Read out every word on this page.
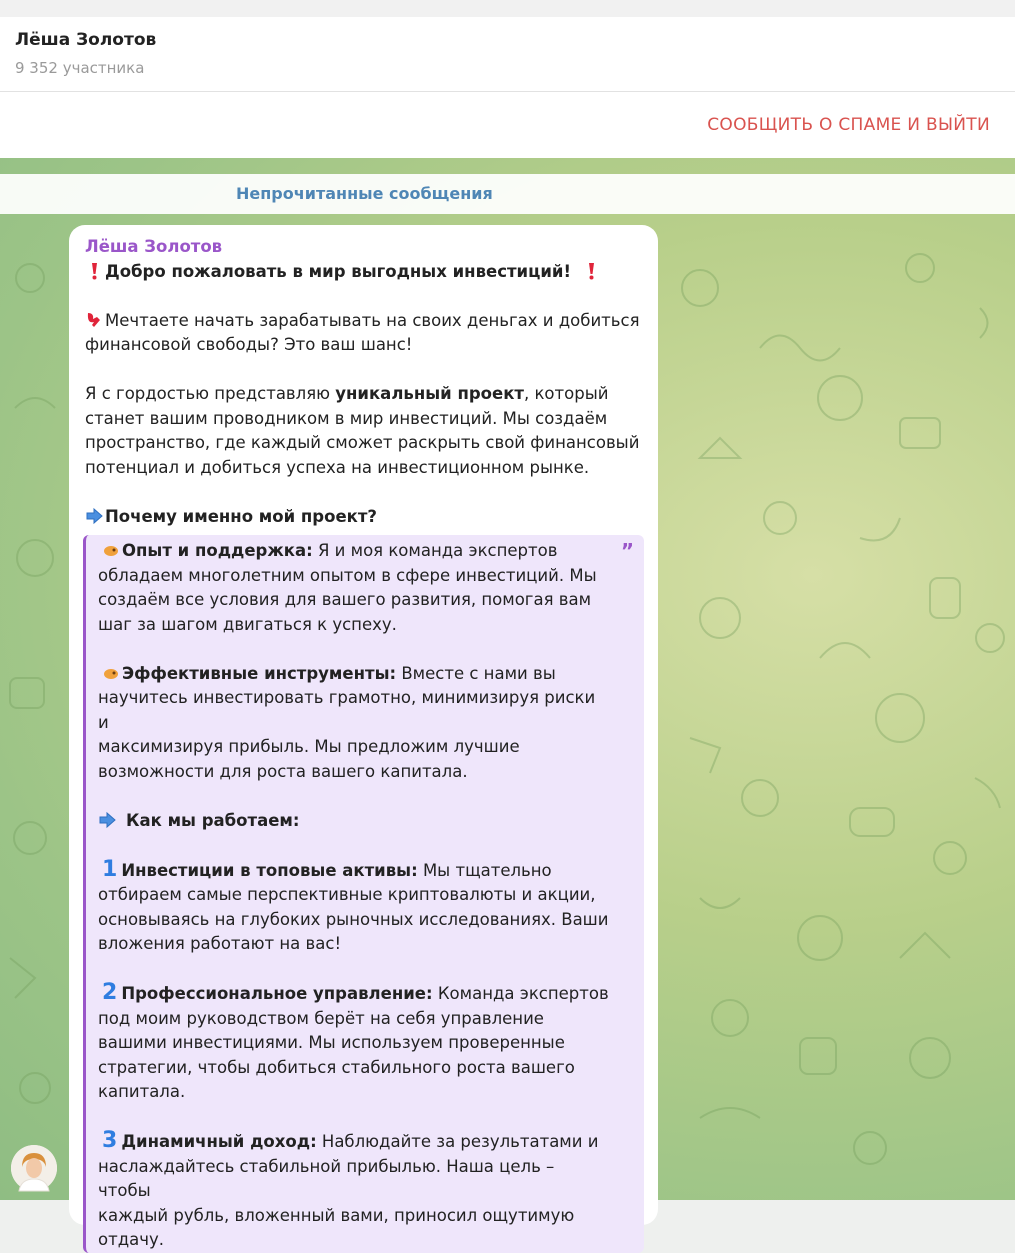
Лёша Золотов
9 352 участника
СООБЩИТЬ О СПАМЕ И ВЫЙТИ
Непрочитанные сообщения
Лёша Золотов

Добро пожаловать в мир выгодных инвестиций!

Мечтаете начать зарабатывать на своих деньгах и добиться
финансовой свободы? Это ваш шанс!

Я с гордостью представляю уникальный проект, который
станет вашим проводником в мир инвестиций. Мы создаём
пространство, где каждый сможет раскрыть свой финансовый
потенциал и добиться успеха на инвестиционном рынке.

Почему именно мой проект?

”

Опыт и поддержка: Я и моя команда экспертов
обладаем многолетним опытом в сфере инвестиций. Мы
создаём все условия для вашего развития, помогая вам
шаг за шагом двигаться к успеху.

Эффективные инструменты: Вместе с нами вы
научитесь инвестировать грамотно, минимизируя риски и
максимизируя прибыль. Мы предложим лучшие
возможности для роста вашего капитала.

Как мы работаем:

1 Инвестиции в топовые активы: Мы тщательно
отбираем самые перспективные криптовалюты и акции,
основываясь на глубоких рыночных исследованиях. Ваши
вложения работают на вас!

2 Профессиональное управление: Команда экспертов
под моим руководством берёт на себя управление
вашими инвестициями. Мы используем проверенные
стратегии, чтобы добиться стабильного роста вашего
капитала.

3 Динамичный доход: Наблюдайте за результатами и
наслаждайтесь стабильной прибылью. Наша цель – чтобы
каждый рубль, вложенный вами, приносил ощутимую
отдачу.
